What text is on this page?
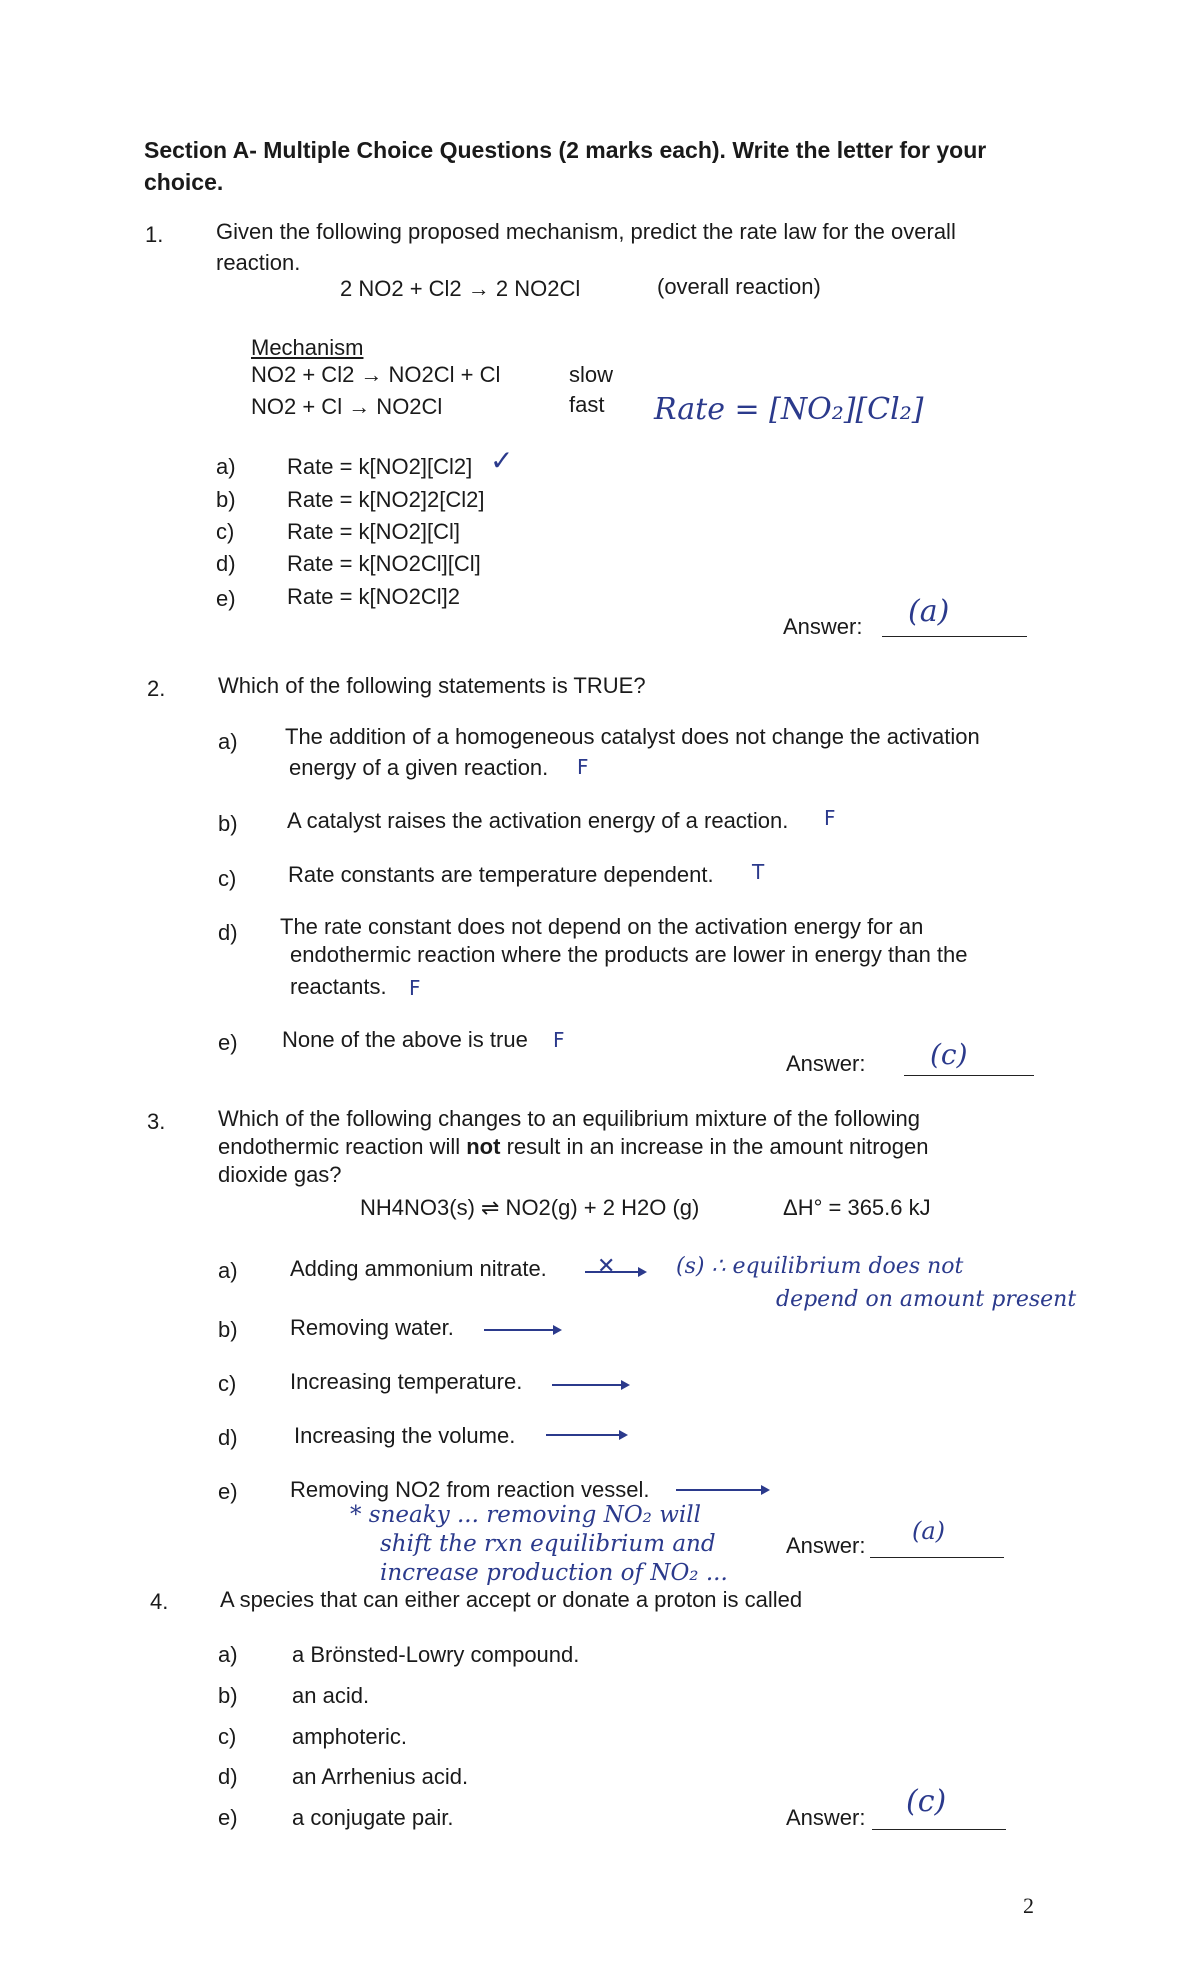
Section A- Multiple Choice Questions (2 marks each). Write the letter for your
choice.
1. Given the following proposed mechanism, predict the rate law for the overall
reaction.
2 NO2 + Cl2 → 2 NO2Cl	(overall reaction)
Mechanism
NO2 + Cl2 → NO2Cl + Cl	slow
NO2 + Cl → NO2Cl	fast Rate = [NO₂][Cl₂]
a) Rate = k[NO2][Cl2] ✓
b) Rate = k[NO2]2[Cl2]
c) Rate = k[NO2][Cl]
d) Rate = k[NO2Cl][Cl]
e) Rate = k[NO2Cl]2
Answer: (a)
2. Which of the following statements is TRUE?
a) The addition of a homogeneous catalyst does not change the activation
energy of a given reaction. F
b) A catalyst raises the activation energy of a reaction. F
c) Rate constants are temperature dependent. T
d) The rate constant does not depend on the activation energy for an
endothermic reaction where the products are lower in energy than the
reactants. F
e) None of the above is true F
Answer: (c)
3. Which of the following changes to an equilibrium mixture of the following
endothermic reaction will not result in an increase in the amount nitrogen
dioxide gas?
NH4NO3(s) ⇌ NO2(g) + 2 H2O (g)	ΔH° = 365.6 kJ
a) Adding ammonium nitrate. ✕	(s) ∴ equilibrium does not
depend on amount present
b) Removing water.
c) Increasing temperature.
d)	Increasing the volume.
e) Removing NO2 from reaction vessel.
* sneaky ... removing NO₂ will
shift the rxn equilibrium and
increase production of NO₂ ...
Answer:
(a)
4. A species that can either accept or donate a proton is called
a) a Brönsted-Lowry compound.
b) an acid.
c)	amphoteric.
d) an Arrhenius acid.
e) a conjugate pair.	Answer: (c)
2
